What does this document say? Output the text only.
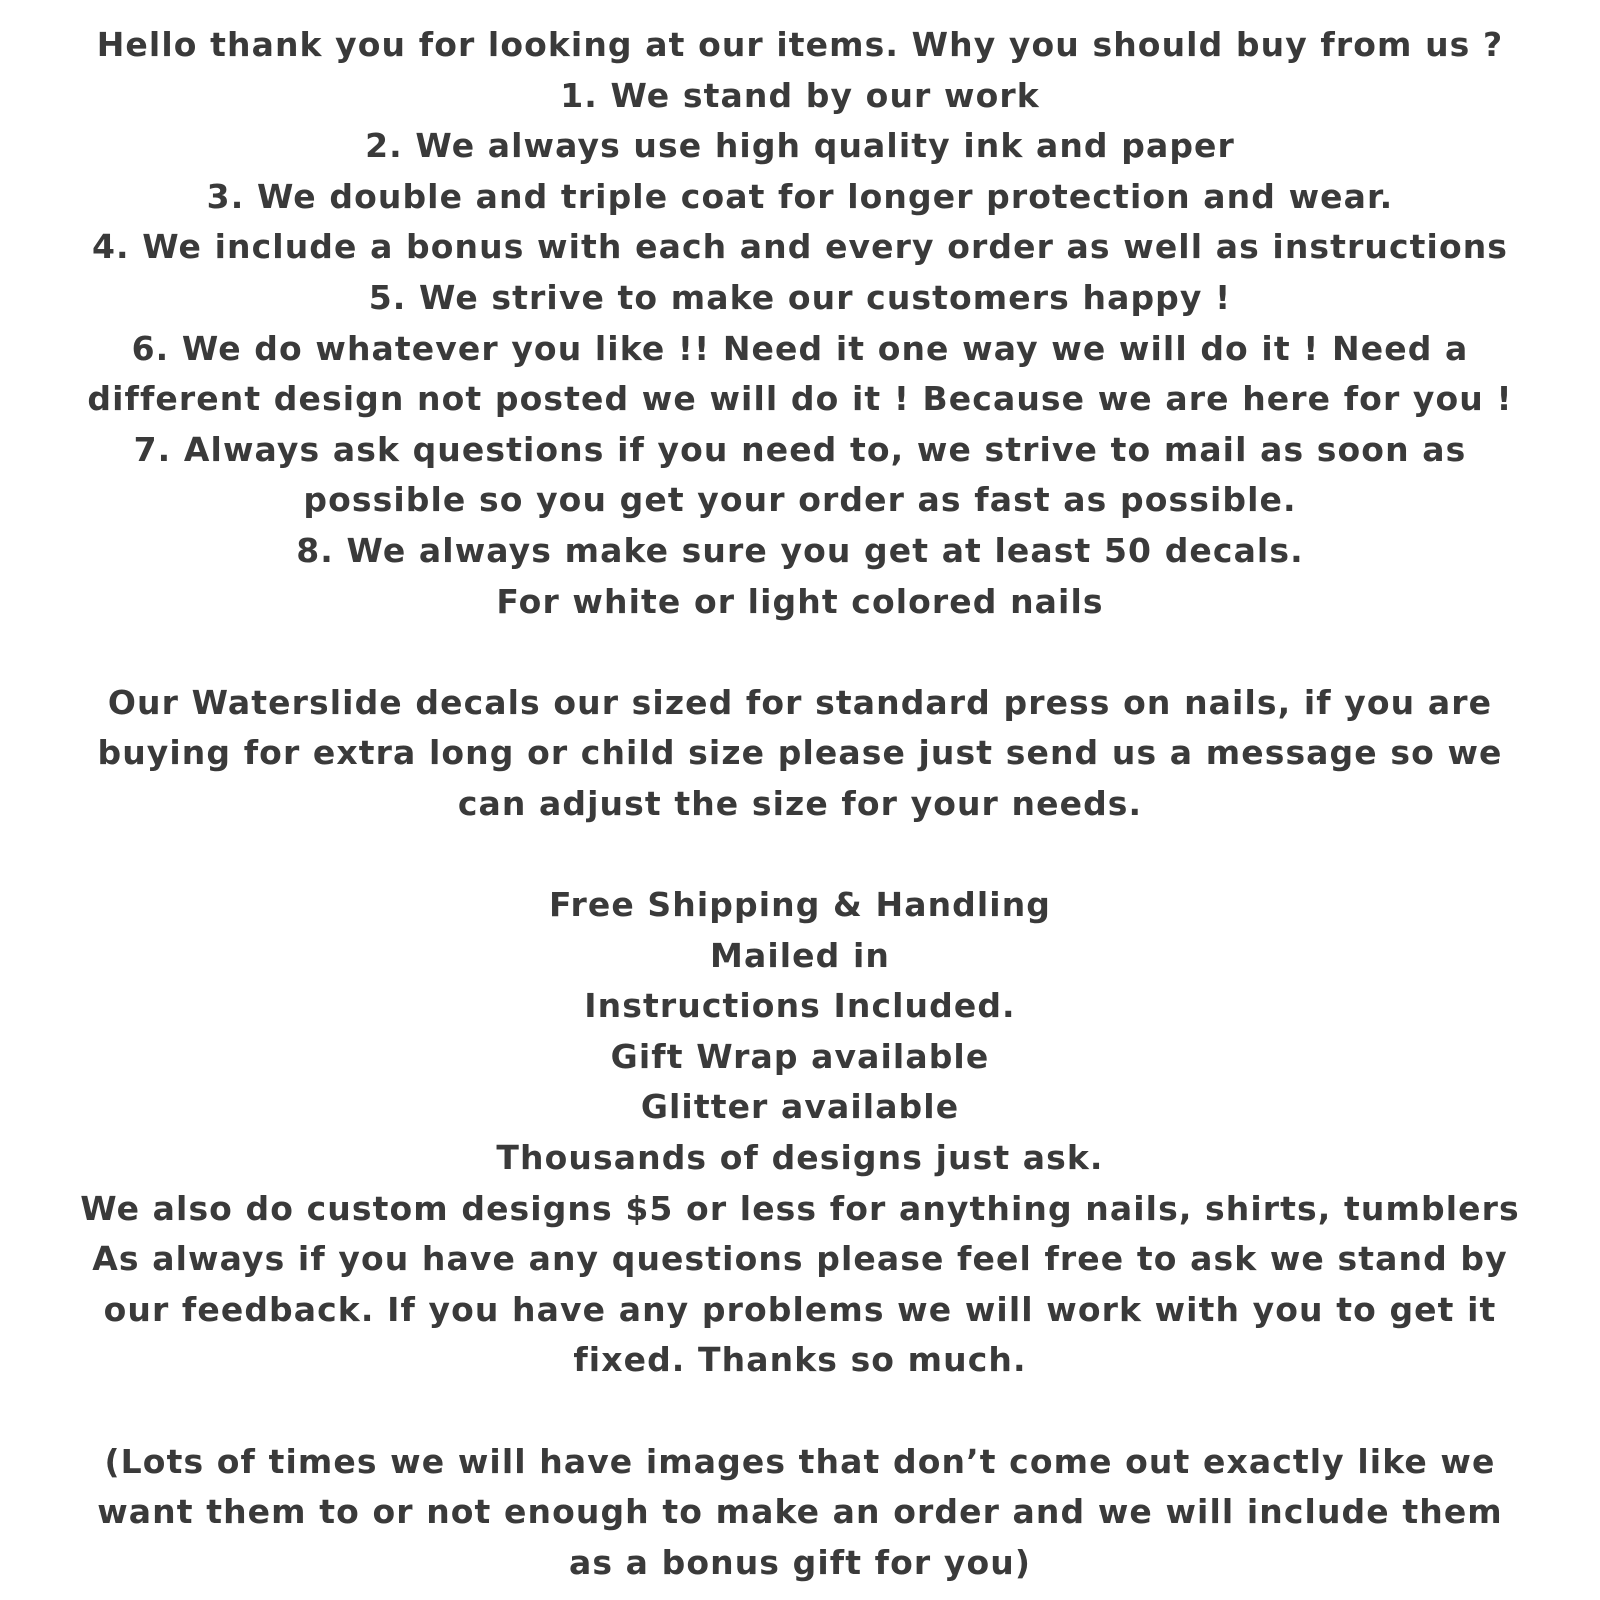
Hello thank you for looking at our items. Why you should buy from us ?
1. We stand by our work
2. We always use high quality ink and paper
3. We double and triple coat for longer protection and wear.
4. We include a bonus with each and every order as well as instructions
5. We strive to make our customers happy !
6. We do whatever you like !! Need it one way we will do it ! Need a
different design not posted we will do it ! Because we are here for you !
7. Always ask questions if you need to, we strive to mail as soon as
possible so you get your order as fast as possible.
8. We always make sure you get at least 50 decals.
For white or light colored nails
Our Waterslide decals our sized for standard press on nails, if you are
buying for extra long or child size please just send us a message so we
can adjust the size for your needs.
Free Shipping & Handling
Mailed in
Instructions Included.
Gift Wrap available
Glitter available
Thousands of designs just ask.
We also do custom designs $5 or less for anything nails, shirts, tumblers
As always if you have any questions please feel free to ask we stand by
our feedback. If you have any problems we will work with you to get it
fixed. Thanks so much.
(Lots of times we will have images that don’t come out exactly like we
want them to or not enough to make an order and we will include them
as a bonus gift for you)
